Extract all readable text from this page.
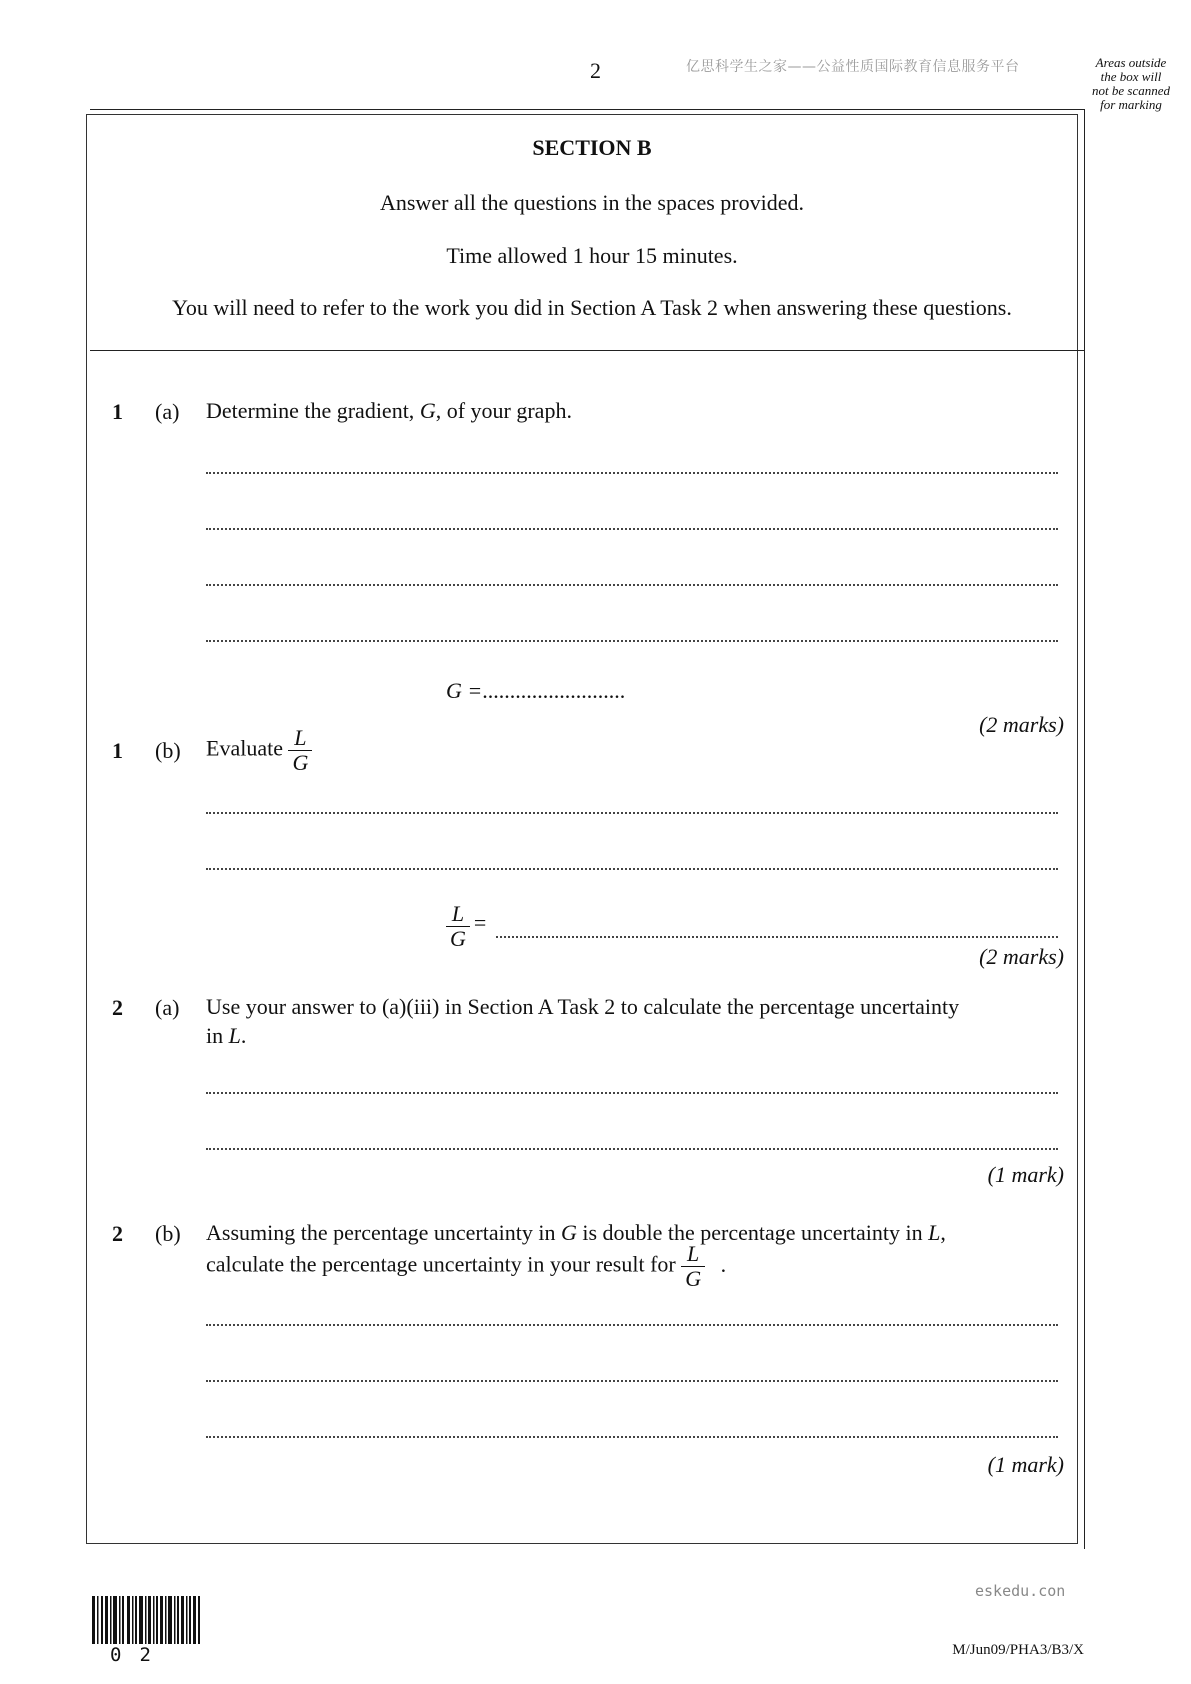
2	亿思科学生之家——公益性质国际教育信息服务平台	Areas outside
the box will
not be scanned
for marking
SECTION B
Answer all the questions in the spaces provided.
Time allowed 1 hour 15 minutes.
You will need to refer to the work you did in Section A Task 2 when answering these questions.
1 (a) Determine the gradient, G, of your graph.
G =..........................
(2 marks)
1 (b) Evaluate $\frac{L}{G}$
$\frac{L}{G}$ =
(2 marks)
2 (a) Use your answer to (a)(iii) in Section A Task 2 to calculate the percentage uncertainty
in L.
(1 mark)
2 (b) Assuming the percentage uncertainty in G is double the percentage uncertainty in L,
calculate the percentage uncertainty in your result for $\frac{L}{G}$ .
(1 mark)
eskedu.con
02	M/Jun09/PHA3/B3/X
